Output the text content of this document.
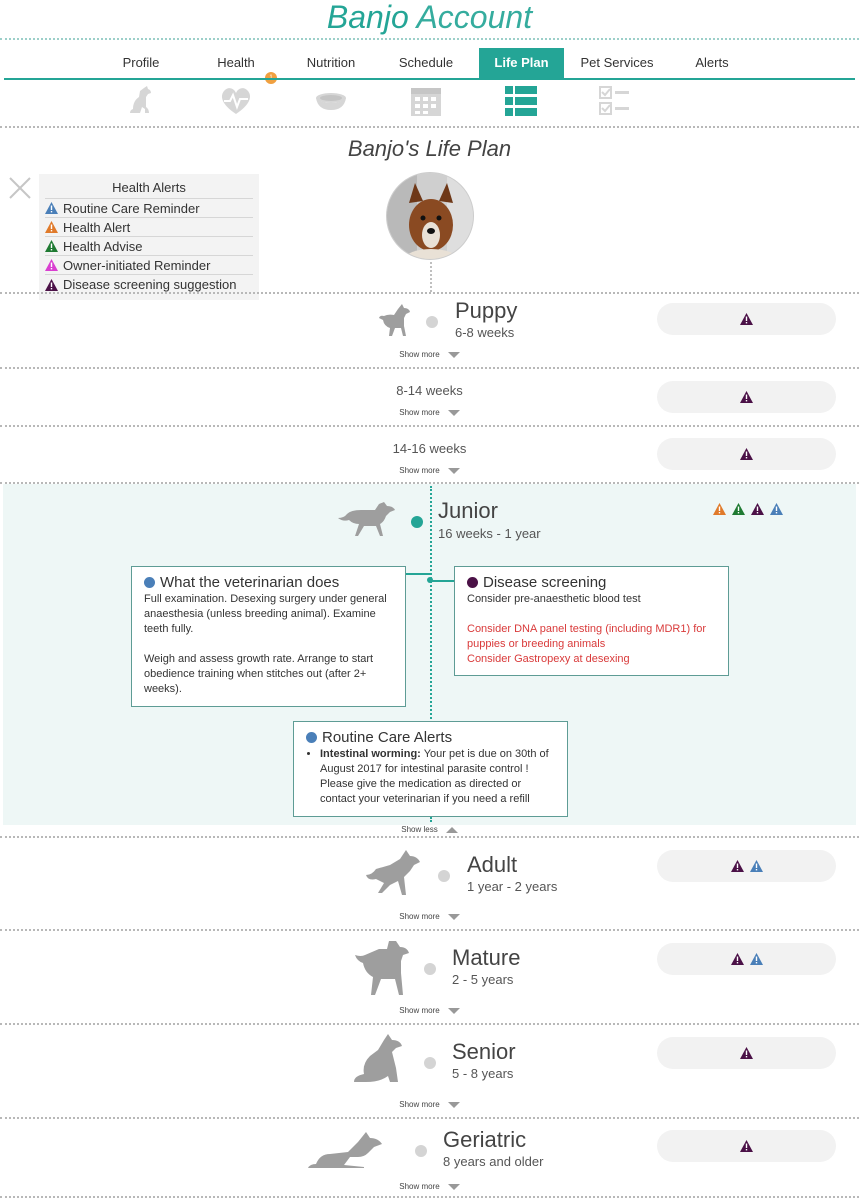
Banjo Account
Profile	Health	Nutrition	Schedule	Life Plan	Pet Services	Alerts
Banjo's Life Plan
Health Alerts
Routine Care Reminder
Health Alert
Health Advise
Owner-initiated Reminder
Disease screening suggestion
Puppy
6-8 weeks
Show more
8-14 weeks
Show more
14-16 weeks
Show more
Junior
16 weeks - 1 year
What the veterinarian does
Full examination. Desexing surgery under general anaesthesia (unless breeding animal). Examine teeth fully.
Weigh and assess growth rate. Arrange to start obedience training when stitches out (after 2+ weeks).
Disease screening
Consider pre-anaesthetic blood test
Consider DNA panel testing (including MDR1) for puppies or breeding animals
Consider Gastropexy at desexing
Routine Care Alerts
• Intestinal worming: Your pet is due on 30th of August 2017 for intestinal parasite control ! Please give the medication as directed or contact your veterinarian if you need a refill
Show less
Adult
1 year - 2 years
Show more
Mature
2 - 5 years
Show more
Senior
5 - 8 years
Show more
Geriatric
8 years and older
Show more
